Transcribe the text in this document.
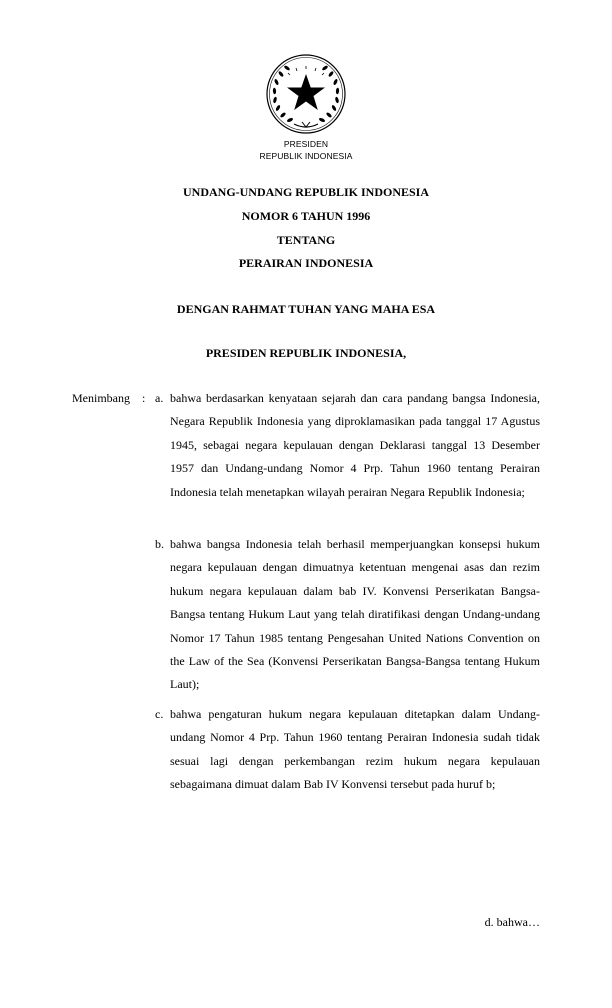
PRESIDEN
REPUBLIK INDONESIA
UNDANG-UNDANG REPUBLIK INDONESIA
NOMOR 6 TAHUN 1996
TENTANG
PERAIRAN INDONESIA
DENGAN RAHMAT TUHAN YANG MAHA ESA
PRESIDEN REPUBLIK INDONESIA,
Menimbang : a. bahwa berdasarkan kenyataan sejarah dan cara pandang bangsa Indonesia, Negara Republik Indonesia yang diproklamasikan pada tanggal 17 Agustus 1945, sebagai negara kepulauan dengan Deklarasi tanggal 13 Desember 1957 dan Undang-undang Nomor 4 Prp. Tahun 1960 tentang Perairan Indonesia telah menetapkan wilayah perairan Negara Republik Indonesia;
b. bahwa bangsa Indonesia telah berhasil memperjuangkan konsepsi hukum negara kepulauan dengan dimuatnya ketentuan mengenai asas dan rezim hukum negara kepulauan dalam bab IV. Konvensi Perserikatan Bangsa-Bangsa tentang Hukum Laut yang telah diratifikasi dengan Undang-undang Nomor 17 Tahun 1985 tentang Pengesahan United Nations Convention on the Law of the Sea (Konvensi Perserikatan Bangsa-Bangsa tentang Hukum Laut);
c. bahwa pengaturan hukum negara kepulauan ditetapkan dalam Undang-undang Nomor 4 Prp. Tahun 1960 tentang Perairan Indonesia sudah tidak sesuai lagi dengan perkembangan rezim hukum negara kepulauan sebagaimana dimuat dalam Bab IV Konvensi tersebut pada huruf b;
d. bahwa…
